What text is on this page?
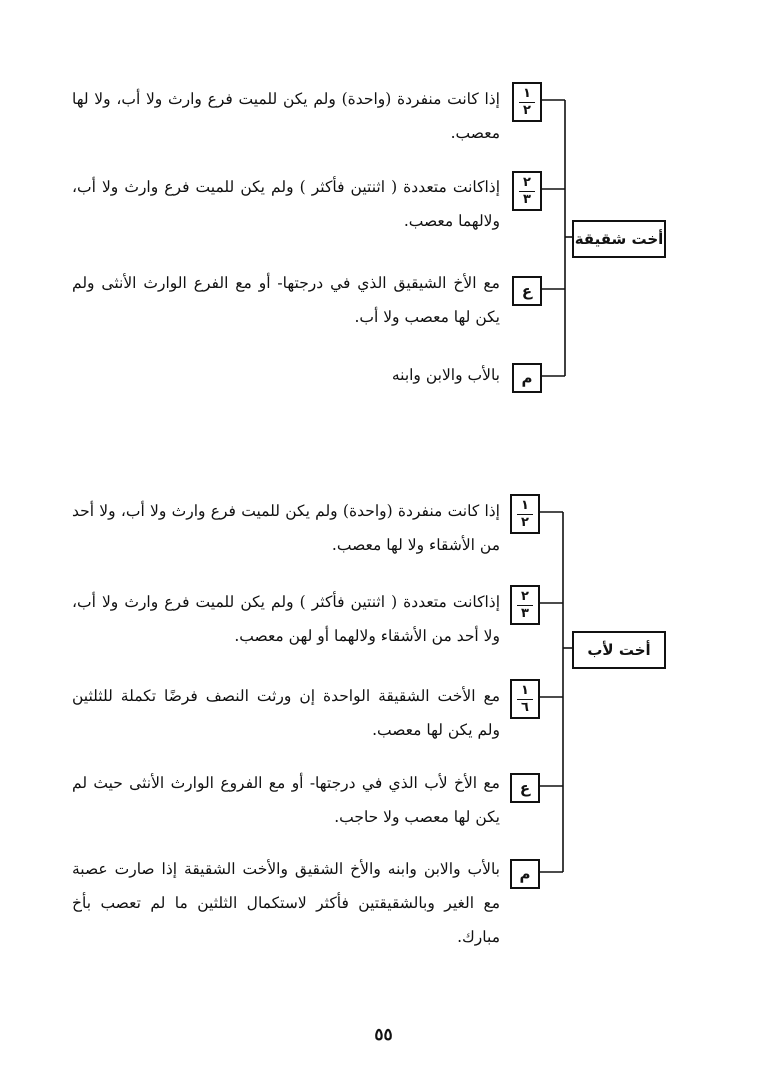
أخت شقيقة
١
٢
إذا كانت منفردة (واحدة) ولم يكن للميت فرع وارث ولا أب، ولا لها معصب.
٢
٣
إذاكانت متعددة ( اثنتين فأكثر ) ولم يكن للميت فرع وارث ولا أب، ولالهما معصب.
ع
مع الأخ الشيقيق الذي في درجتها- أو مع الفرع الوارث الأنثى ولم يكن لها معصب ولا أب.
م
بالأب والابن وابنه
أخت لأب
١
٢
إذا كانت منفردة (واحدة) ولم يكن للميت فرع وارث ولا أب، ولا أحد من الأشقاء ولا لها معصب.
٢
٣
إذاكانت متعددة ( اثنتين فأكثر ) ولم يكن للميت فرع وارث ولا أب، ولا أحد من الأشقاء ولالهما أو لهن معصب.
١
٦
مع الأخت الشقيقة الواحدة إن ورثت النصف فرضًا تكملة للثلثين ولم يكن لها معصب.
ع
مع الأخ لأب الذي في درجتها- أو مع الفروع الوارث الأنثى حيث لم يكن لها معصب ولا حاجب.
م
بالأب والابن وابنه والأخ الشقيق والأخت الشقيقة إذا صارت عصبة مع الغير وبالشقيقتين فأكثر لاستكمال الثلثين ما لم تعصب بأخ مبارك.
٥٥
